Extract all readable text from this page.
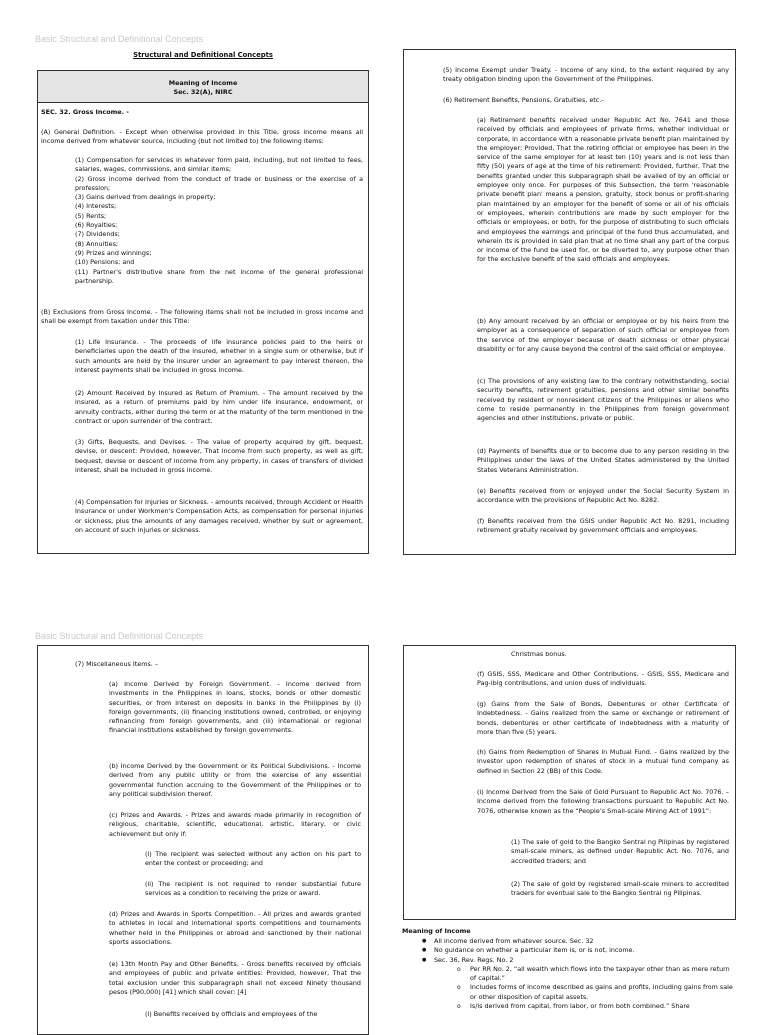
Basic Structural and Definitional Concepts
Structural and Definitional Concepts
Meaning of Income
Sec. 32(A), NIRC
SEC. 32. Gross Income. -
(A) General Definition. - Except when otherwise provided in this Title, gross income means all income derived from whatever source, including (but not limited to) the following items:
(1) Compensation for services in whatever form paid, including, but not limited to fees, salaries, wages, commissions, and similar items;
(2) Gross income derived from the conduct of trade or business or the exercise of a profession;
(3) Gains derived from dealings in property;
(4) Interests;
(5) Rents;
(6) Royalties;
(7) Dividends;
(8) Annuities;
(9) Prizes and winnings;
(10) Pensions; and
(11) Partner's distributive share from the net income of the general professional partnership.
(B) Exclusions from Gross Income. - The following items shall not be included in gross income and shall be exempt from taxation under this Title:
(1) Life Insurance. - The proceeds of life insurance policies paid to the heirs or beneficiaries upon the death of the insured, whether in a single sum or otherwise, but if such amounts are held by the insurer under an agreement to pay interest thereon, the interest payments shall be included in gross income.
(2) Amount Received by Insured as Return of Premium. - The amount received by the insured, as a return of premiums paid by him under life insurance, endowment, or annuity contracts, either during the term or at the maturity of the term mentioned in the contract or upon surrender of the contract.
(3) Gifts, Bequests, and Devises. - The value of property acquired by gift, bequest, devise, or descent: Provided, however, That income from such property, as well as gift, bequest, devise or descent of income from any property, in cases of transfers of divided interest, shall be included in gross income.
(4) Compensation for Injuries or Sickness. - amounts received, through Accident or Health Insurance or under Workmen's Compensation Acts, as compensation for personal injuries or sickness, plus the amounts of any damages received, whether by suit or agreement, on account of such injuries or sickness.
(5) Income Exempt under Treaty. - Income of any kind, to the extent required by any treaty obligation binding upon the Government of the Philippines.
(6) Retirement Benefits, Pensions, Gratuities, etc.-
(a) Retirement benefits received under Republic Act No. 7641 and those received by officials and employees of private firms, whether individual or corporate, in accordance with a reasonable private benefit plan maintained by the employer: Provided, That the retiring official or employee has been in the service of the same employer for at least ten (10) years and is not less than fifty (50) years of age at the time of his retirement: Provided, further, That the benefits granted under this subparagraph shall be availed of by an official or employee only once. For purposes of this Subsection, the term 'reasonable private benefit plan' means a pension, gratuity, stock bonus or profit-sharing plan maintained by an employer for the benefit of some or all of his officials or employees, wherein contributions are made by such employer for the officials or employees, or both, for the purpose of distributing to such officials and employees the earnings and principal of the fund thus accumulated, and wherein its is provided in said plan that at no time shall any part of the corpus or income of the fund be used for, or be diverted to, any purpose other than for the exclusive benefit of the said officials and employees.
(b) Any amount received by an official or employee or by his heirs from the employer as a consequence of separation of such official or employee from the service of the employer because of death sickness or other physical disability or for any cause beyond the control of the said official or employee.
(c) The provisions of any existing law to the contrary notwithstanding, social security benefits, retirement gratuities, pensions and other similar benefits received by resident or nonresident citizens of the Philippines or aliens who come to reside permanently in the Philippines from foreign government agencies and other institutions, private or public.
(d) Payments of benefits due or to become due to any person residing in the Philippines under the laws of the United States administered by the United States Veterans Administration.
(e) Benefits received from or enjoyed under the Social Security System in accordance with the provisions of Republic Act No. 8282.
(f) Benefits received from the GSIS under Republic Act No. 8291, including retirement gratuity received by government officials and employees.
Basic Structural and Definitional Concepts
(7) Miscellaneous Items. –
(a) Income Derived by Foreign Government. - Income derived from investments in the Philippines in loans, stocks, bonds or other domestic securities, or from interest on deposits in banks in the Philippines by (i) foreign governments, (ii) financing institutions owned, controlled, or enjoying refinancing from foreign governments, and (iii) international or regional financial institutions established by foreign governments.
(b) Income Derived by the Government or its Political Subdivisions. - Income derived from any public utility or from the exercise of any essential governmental function accruing to the Government of the Philippines or to any political subdivision thereof.
(c) Prizes and Awards. - Prizes and awards made primarily in recognition of religious, charitable, scientific, educational, artistic, literary, or civic achievement but only if:
(i) The recipient was selected without any action on his part to enter the contest or proceeding; and
(ii) The recipient is not required to render substantial future services as a condition to receiving the prize or award.
(d) Prizes and Awards in Sports Competition. - All prizes and awards granted to athletes in local and international sports competitions and tournaments whether held in the Philippines or abroad and sanctioned by their national sports associations.
(e) 13th Month Pay and Other Benefits. - Gross benefits received by officials and employees of public and private entities: Provided, however, That the total exclusion under this subparagraph shall not exceed Ninety thousand pesos (P90,000) [41] which shall cover: [4]
(i) Benefits received by officials and employees of the
Christmas bonus.
(f) GSIS, SSS, Medicare and Other Contributions. - GSIS, SSS, Medicare and Pag-ibig contributions, and union dues of individuals.
(g) Gains from the Sale of Bonds, Debentures or other Certificate of Indebtedness. - Gains realized from the same or exchange or retirement of bonds, debentures or other certificate of indebtedness with a maturity of more than five (5) years.
(h) Gains from Redemption of Shares in Mutual Fund. - Gains realized by the investor upon redemption of shares of stock in a mutual fund company as defined in Section 22 (BB) of this Code.
(i) Income Derived from the Sale of Gold Pursuant to Republic Act No. 7076. – Income derived from the following transactions pursuant to Republic Act No. 7076, otherwise known as the “People’s Small-scale Mining Act of 1991”:
(1) The sale of gold to the Bangko Sentral ng Pilipinas by registered small-scale miners, as defined under Republic Act. No. 7076, and accredited traders; and
(2) The sale of gold by registered small-scale miners to accredited traders for eventual sale to the Bangko Sentral ng Pilipinas.
Meaning of Income
● All income derived from whatever source. Sec. 32
● No guidance on whether a particular item is, or is not, income.
● Sec. 36, Rev. Regs. No. 2
o Per RR No. 2, “all wealth which flows into the taxpayer other than as mere return of capital.”
o Includes forms of income described as gains and profits, including gains from sale or other disposition of capital assets.
o Is/is derived from capital, from labor, or from both combined.” Share
